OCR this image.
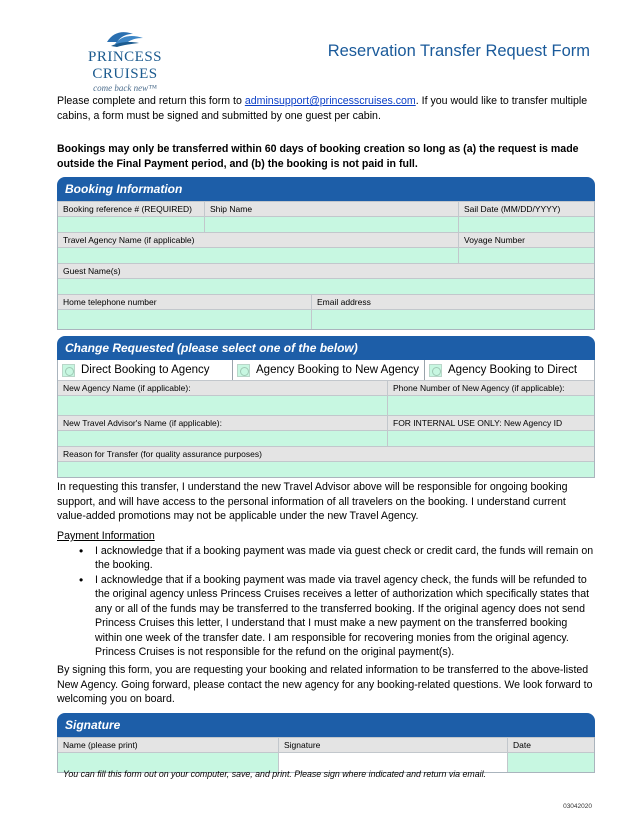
PRINCESS CRUISES
come back new™
Reservation Transfer Request Form
Please complete and return this form to adminsupport@princesscruises.com. If you would like to transfer multiple cabins, a form must be signed and submitted by one guest per cabin.
Bookings may only be transferred within 60 days of booking creation so long as (a) the request is made outside the Final Payment period, and (b) the booking is not paid in full.
Booking Information
Booking reference # (REQUIRED)	Ship Name	Sail Date (MM/DD/YYYY)
Travel Agency Name (if applicable)	Voyage Number
Guest Name(s)
Home telephone number	Email address
Change Requested (please select one of the below)
Direct Booking to Agency	Agency Booking to New Agency	Agency Booking to Direct
New Agency Name (if applicable):	Phone Number of New Agency (if applicable):
New Travel Advisor's Name (if applicable):	FOR INTERNAL USE ONLY: New Agency ID
Reason for Transfer (for quality assurance purposes)
In requesting this transfer, I understand the new Travel Advisor above will be responsible for ongoing booking support, and will have access to the personal information of all travelers on the booking. I understand current value-added promotions may not be applicable under the new Travel Agency.
Payment Information
• I acknowledge that if a booking payment was made via guest check or credit card, the funds will remain on the booking.
• I acknowledge that if a booking payment was made via travel agency check, the funds will be refunded to the original agency unless Princess Cruises receives a letter of authorization which specifically states that any or all of the funds may be transferred to the transferred booking. If the original agency does not send Princess Cruises this letter, I understand that I must make a new payment on the transferred booking within one week of the transfer date. I am responsible for recovering monies from the original agency. Princess Cruises is not responsible for the refund on the original payment(s).
By signing this form, you are requesting your booking and related information to be transferred to the above-listed New Agency. Going forward, please contact the new agency for any booking-related questions. We look forward to welcoming you on board.
Signature
Name (please print)	Signature	Date
You can fill this form out on your computer, save, and print. Please sign where indicated and return via email.
03042020
